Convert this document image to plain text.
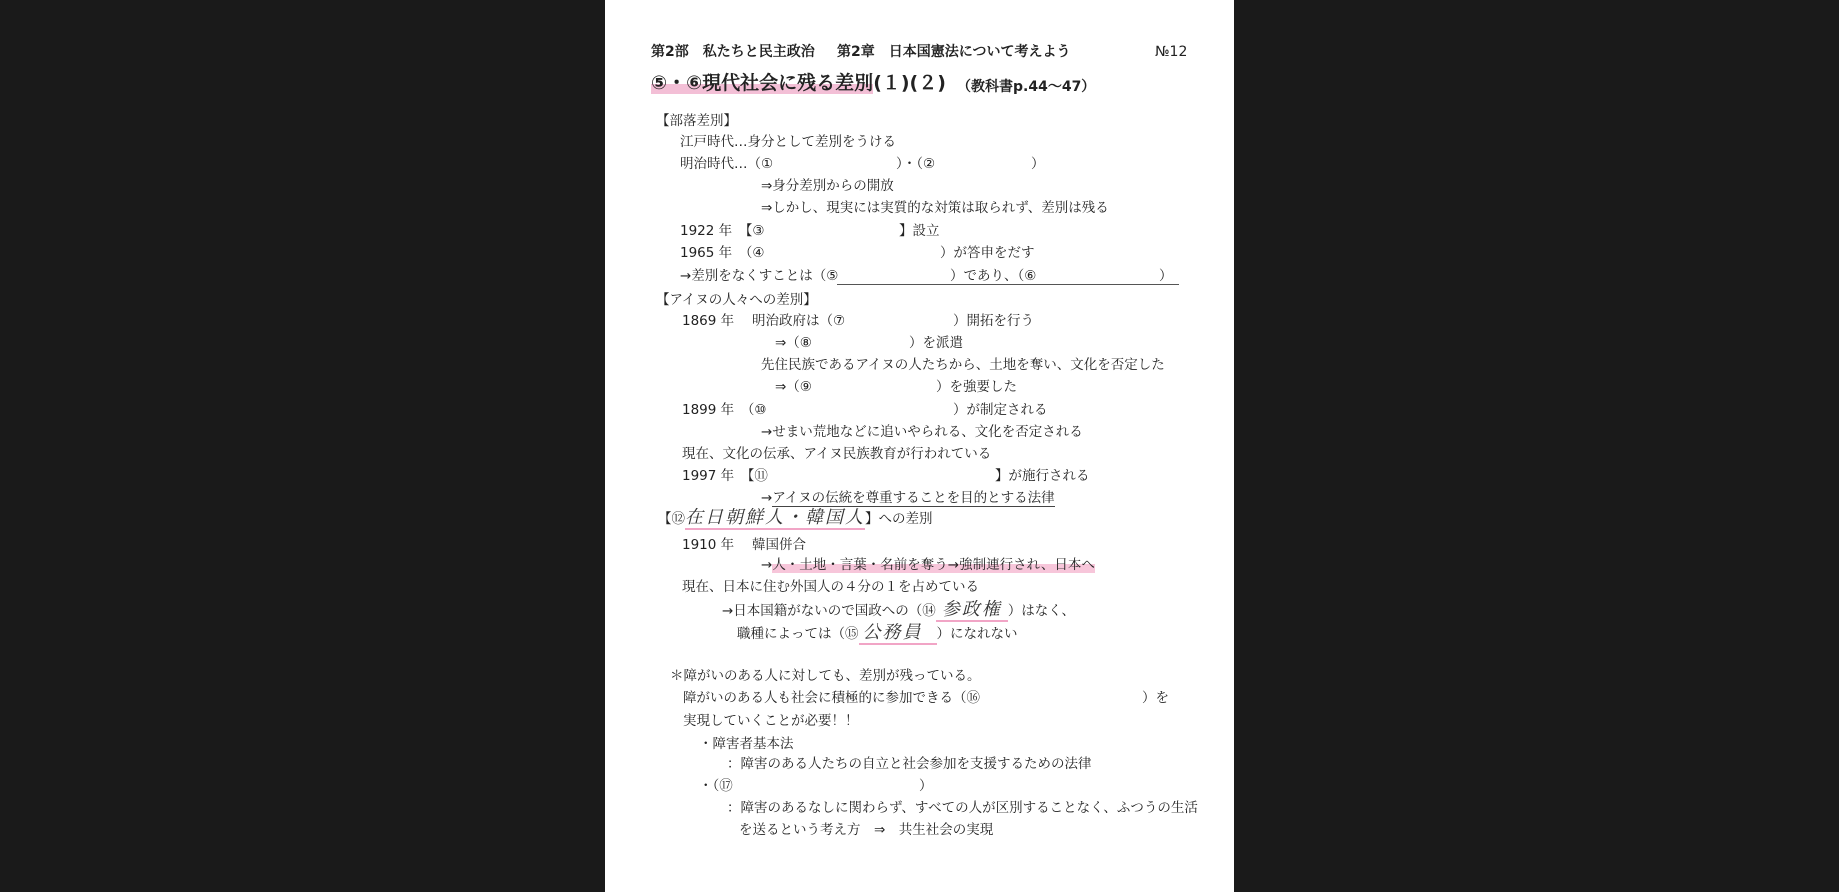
第2部　私たちと民主政治 第2章　日本国憲法について考えよう	№12
⑤・⑥現代社会に残る差別(１)(２) （教科書p.44～47）
【部落差別】
江戸時代…身分として差別をうける
明治時代…（①	）・（②	）
⇒身分差別からの開放
⇒しかし、現実には実質的な対策は取られず、差別は残る
1922 年　【③	】設立
1965 年　（④	）が答申をだす
→差別をなくすことは（⑤	）であり、（⑥	）
【アイヌの人々への差別】
1869 年　 明治政府は（⑦	）開拓を行う
⇒（⑧	）を派遣
先住民族であるアイヌの人たちから、土地を奪い、文化を否定した
⇒（⑨	）を強要した
1899 年　（⑩	）が制定される
→せまい荒地などに追いやられる、文化を否定される
現在、文化の伝承、アイヌ民族教育が行われている
1997 年　【⑪	】が施行される
→アイヌの伝統を尊重することを目的とする法律
【⑫在日朝鮮人・韓国人】への差別
1910 年　 韓国併合
→人・土地・言葉・名前を奪う→強制連行され、日本へ
現在、日本に住む外国人の４分の１を占めている
→日本国籍がないので国政への（⑭ 参政権 ）はなく、
職種によっては（⑮ 公務員 ）になれない
＊障がいのある人に対しても、差別が残っている。
障がいのある人も社会に積極的に参加できる（⑯	）を
実現していくことが必要！！
・障害者基本法
：障害のある人たちの自立と社会参加を支援するための法律
・（⑰	）
：障害のあるなしに関わらず、すべての人が区別することなく、ふつうの生活
を送るという考え方　⇒　共生社会の実現
